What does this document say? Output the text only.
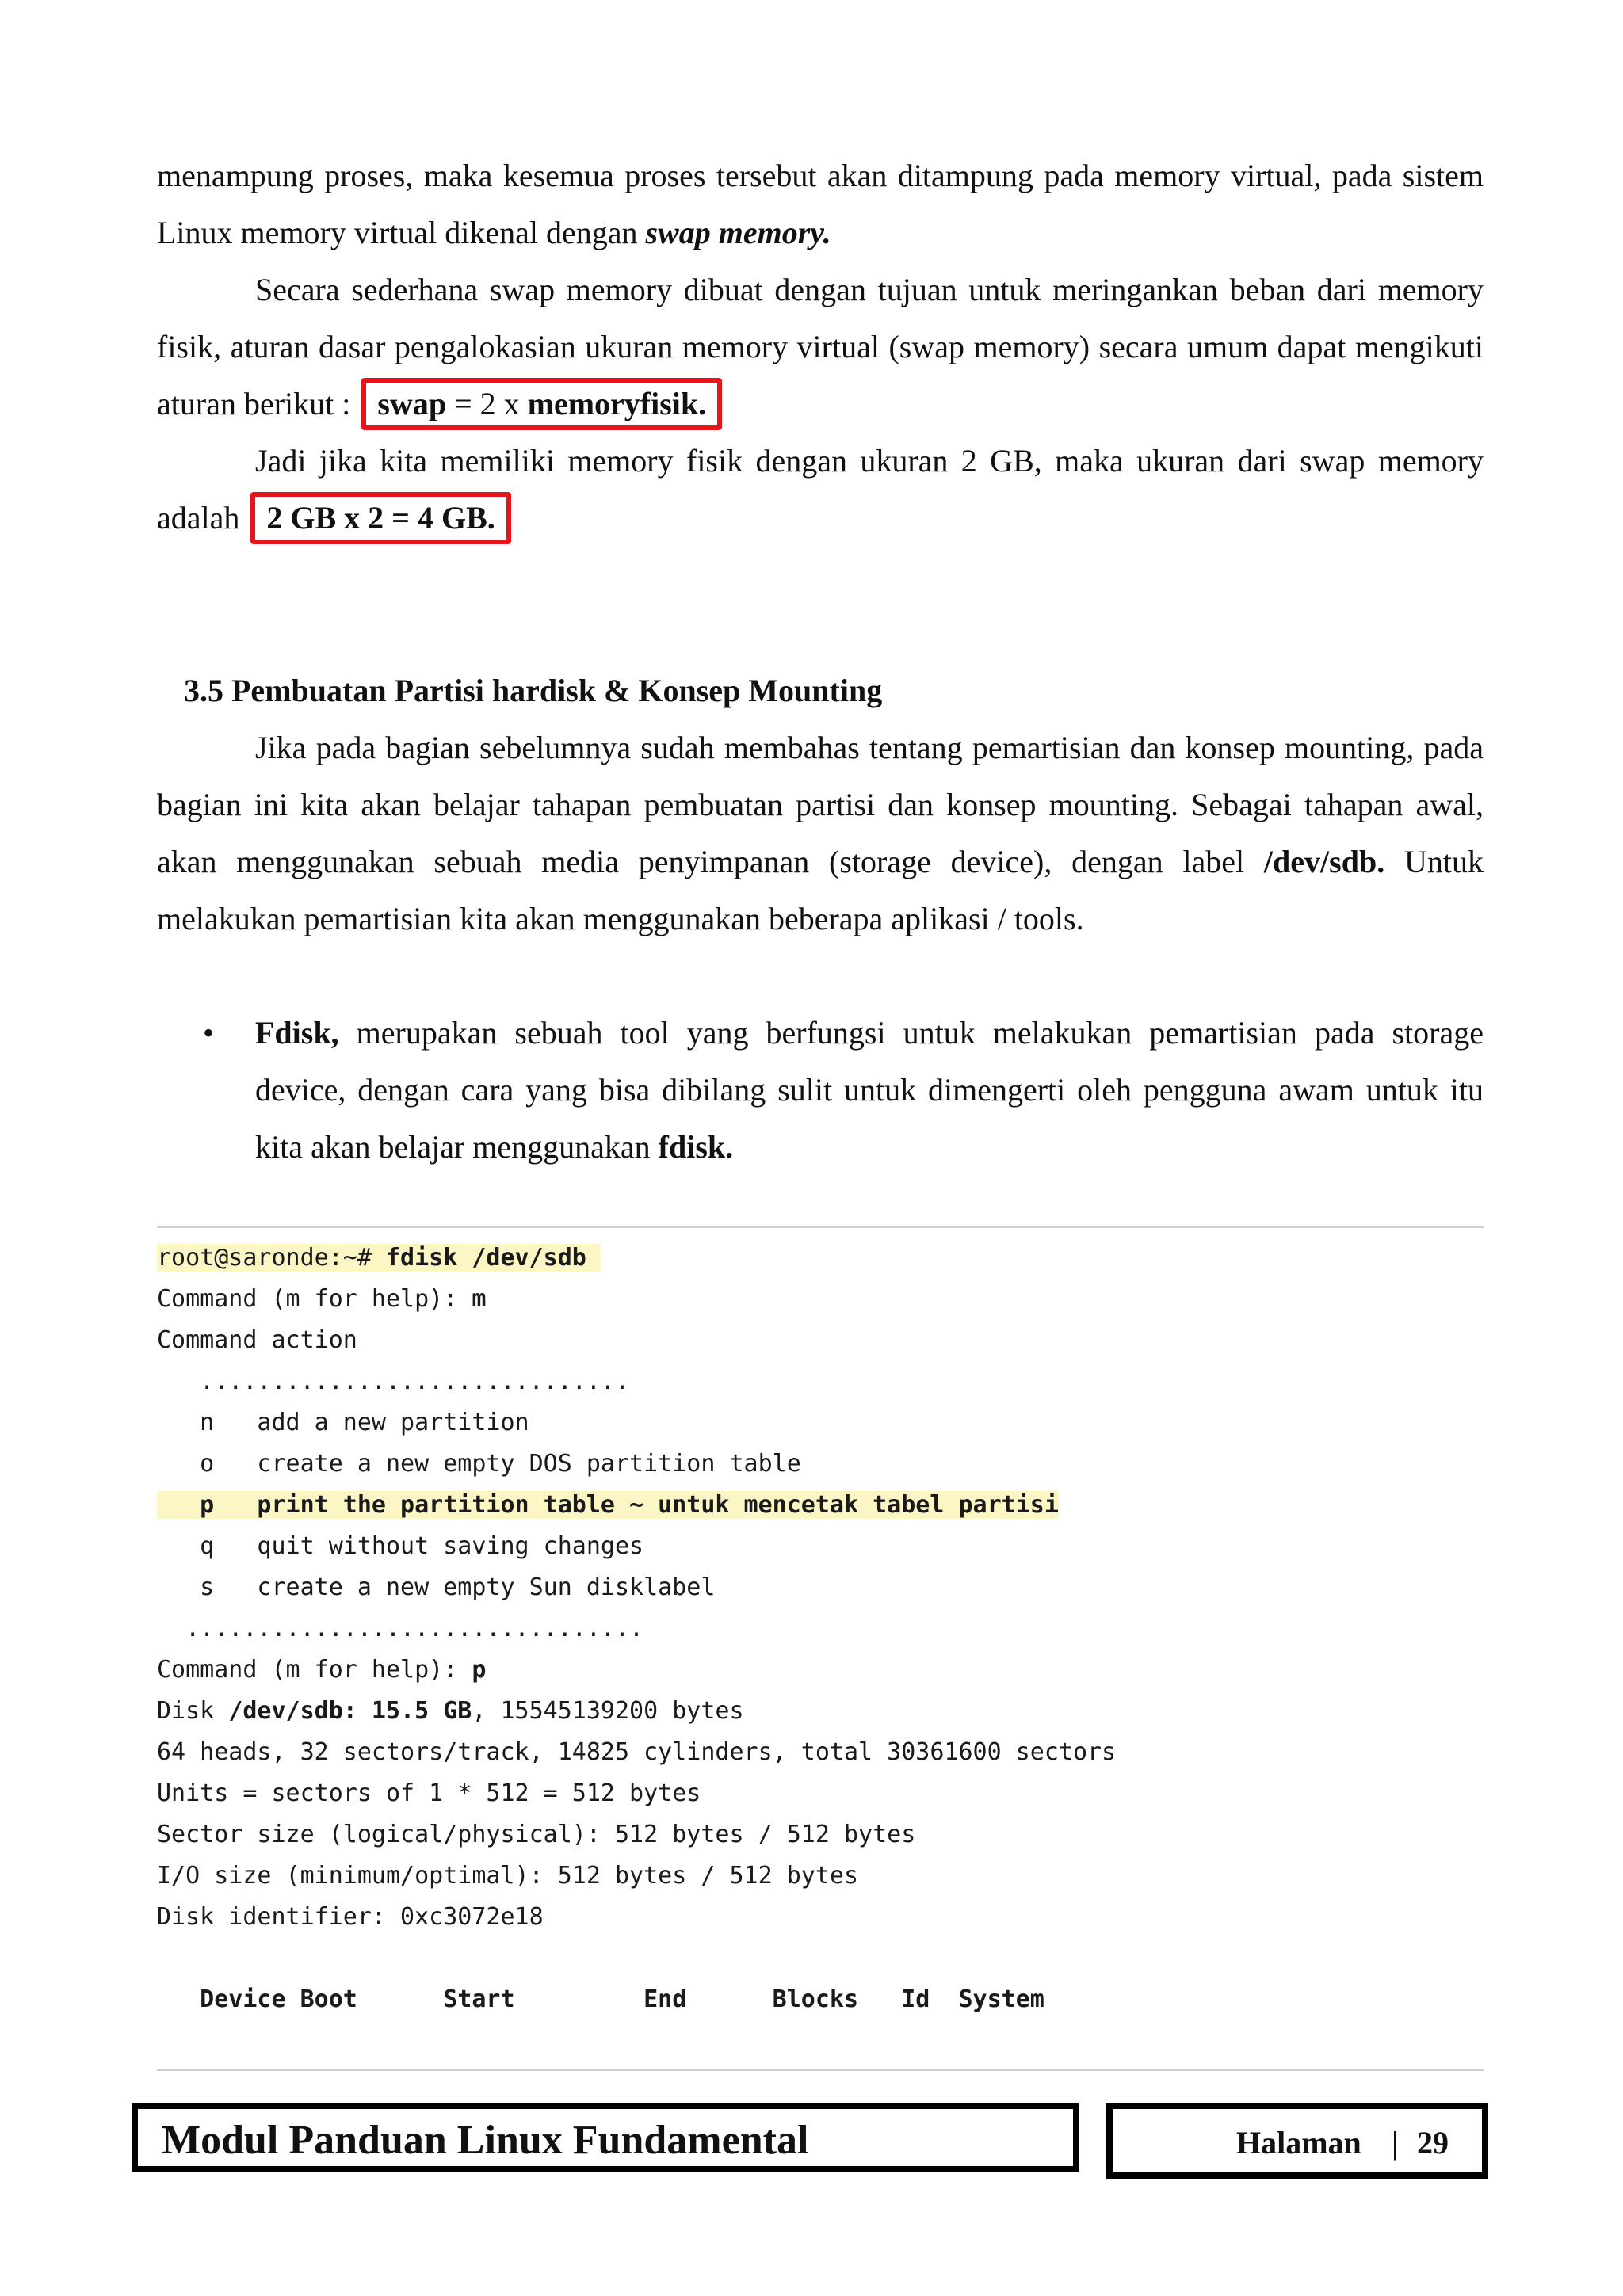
menampung proses, maka kesemua proses tersebut akan ditampung pada memory virtual, pada sistem Linux memory virtual dikenal dengan swap memory.

Secara sederhana swap memory dibuat dengan tujuan untuk meringankan beban dari memory fisik, aturan dasar pengalokasian ukuran memory virtual (swap memory) secara umum dapat mengikuti aturan berikut : swap = 2 x memoryfisik.

Jadi jika kita memiliki memory fisik dengan ukuran 2 GB, maka ukuran dari swap memory adalah 2 GB x 2 = 4 GB.

3.5 Pembuatan Partisi hardisk & Konsep Mounting

Jika pada bagian sebelumnya sudah membahas tentang pemartisian dan konsep mounting, pada bagian ini kita akan belajar tahapan pembuatan partisi dan konsep mounting. Sebagai tahapan awal, akan menggunakan sebuah media penyimpanan (storage device), dengan label /dev/sdb. Untuk melakukan pemartisian kita akan menggunakan beberapa aplikasi / tools.

• Fdisk, merupakan sebuah tool yang berfungsi untuk melakukan pemartisian pada storage device, dengan cara yang bisa dibilang sulit untuk dimengerti oleh pengguna awam untuk itu kita akan belajar menggunakan fdisk.

root@saronde:~# fdisk /dev/sdb
Command (m for help): m
Command action
..............................
n   add a new partition
o   create a new empty DOS partition table
p   print the partition table ~ untuk mencetak tabel partisi
q   quit without saving changes
s   create a new empty Sun disklabel
................................
Command (m for help): p
Disk /dev/sdb: 15.5 GB, 15545139200 bytes
64 heads, 32 sectors/track, 14825 cylinders, total 30361600 sectors
Units = sectors of 1 * 512 = 512 bytes
Sector size (logical/physical): 512 bytes / 512 bytes
I/O size (minimum/optimal): 512 bytes / 512 bytes
Disk identifier: 0xc3072e18
Device Boot      Start         End      Blocks   Id  System
Modul Panduan Linux Fundamental	Halaman | 29
